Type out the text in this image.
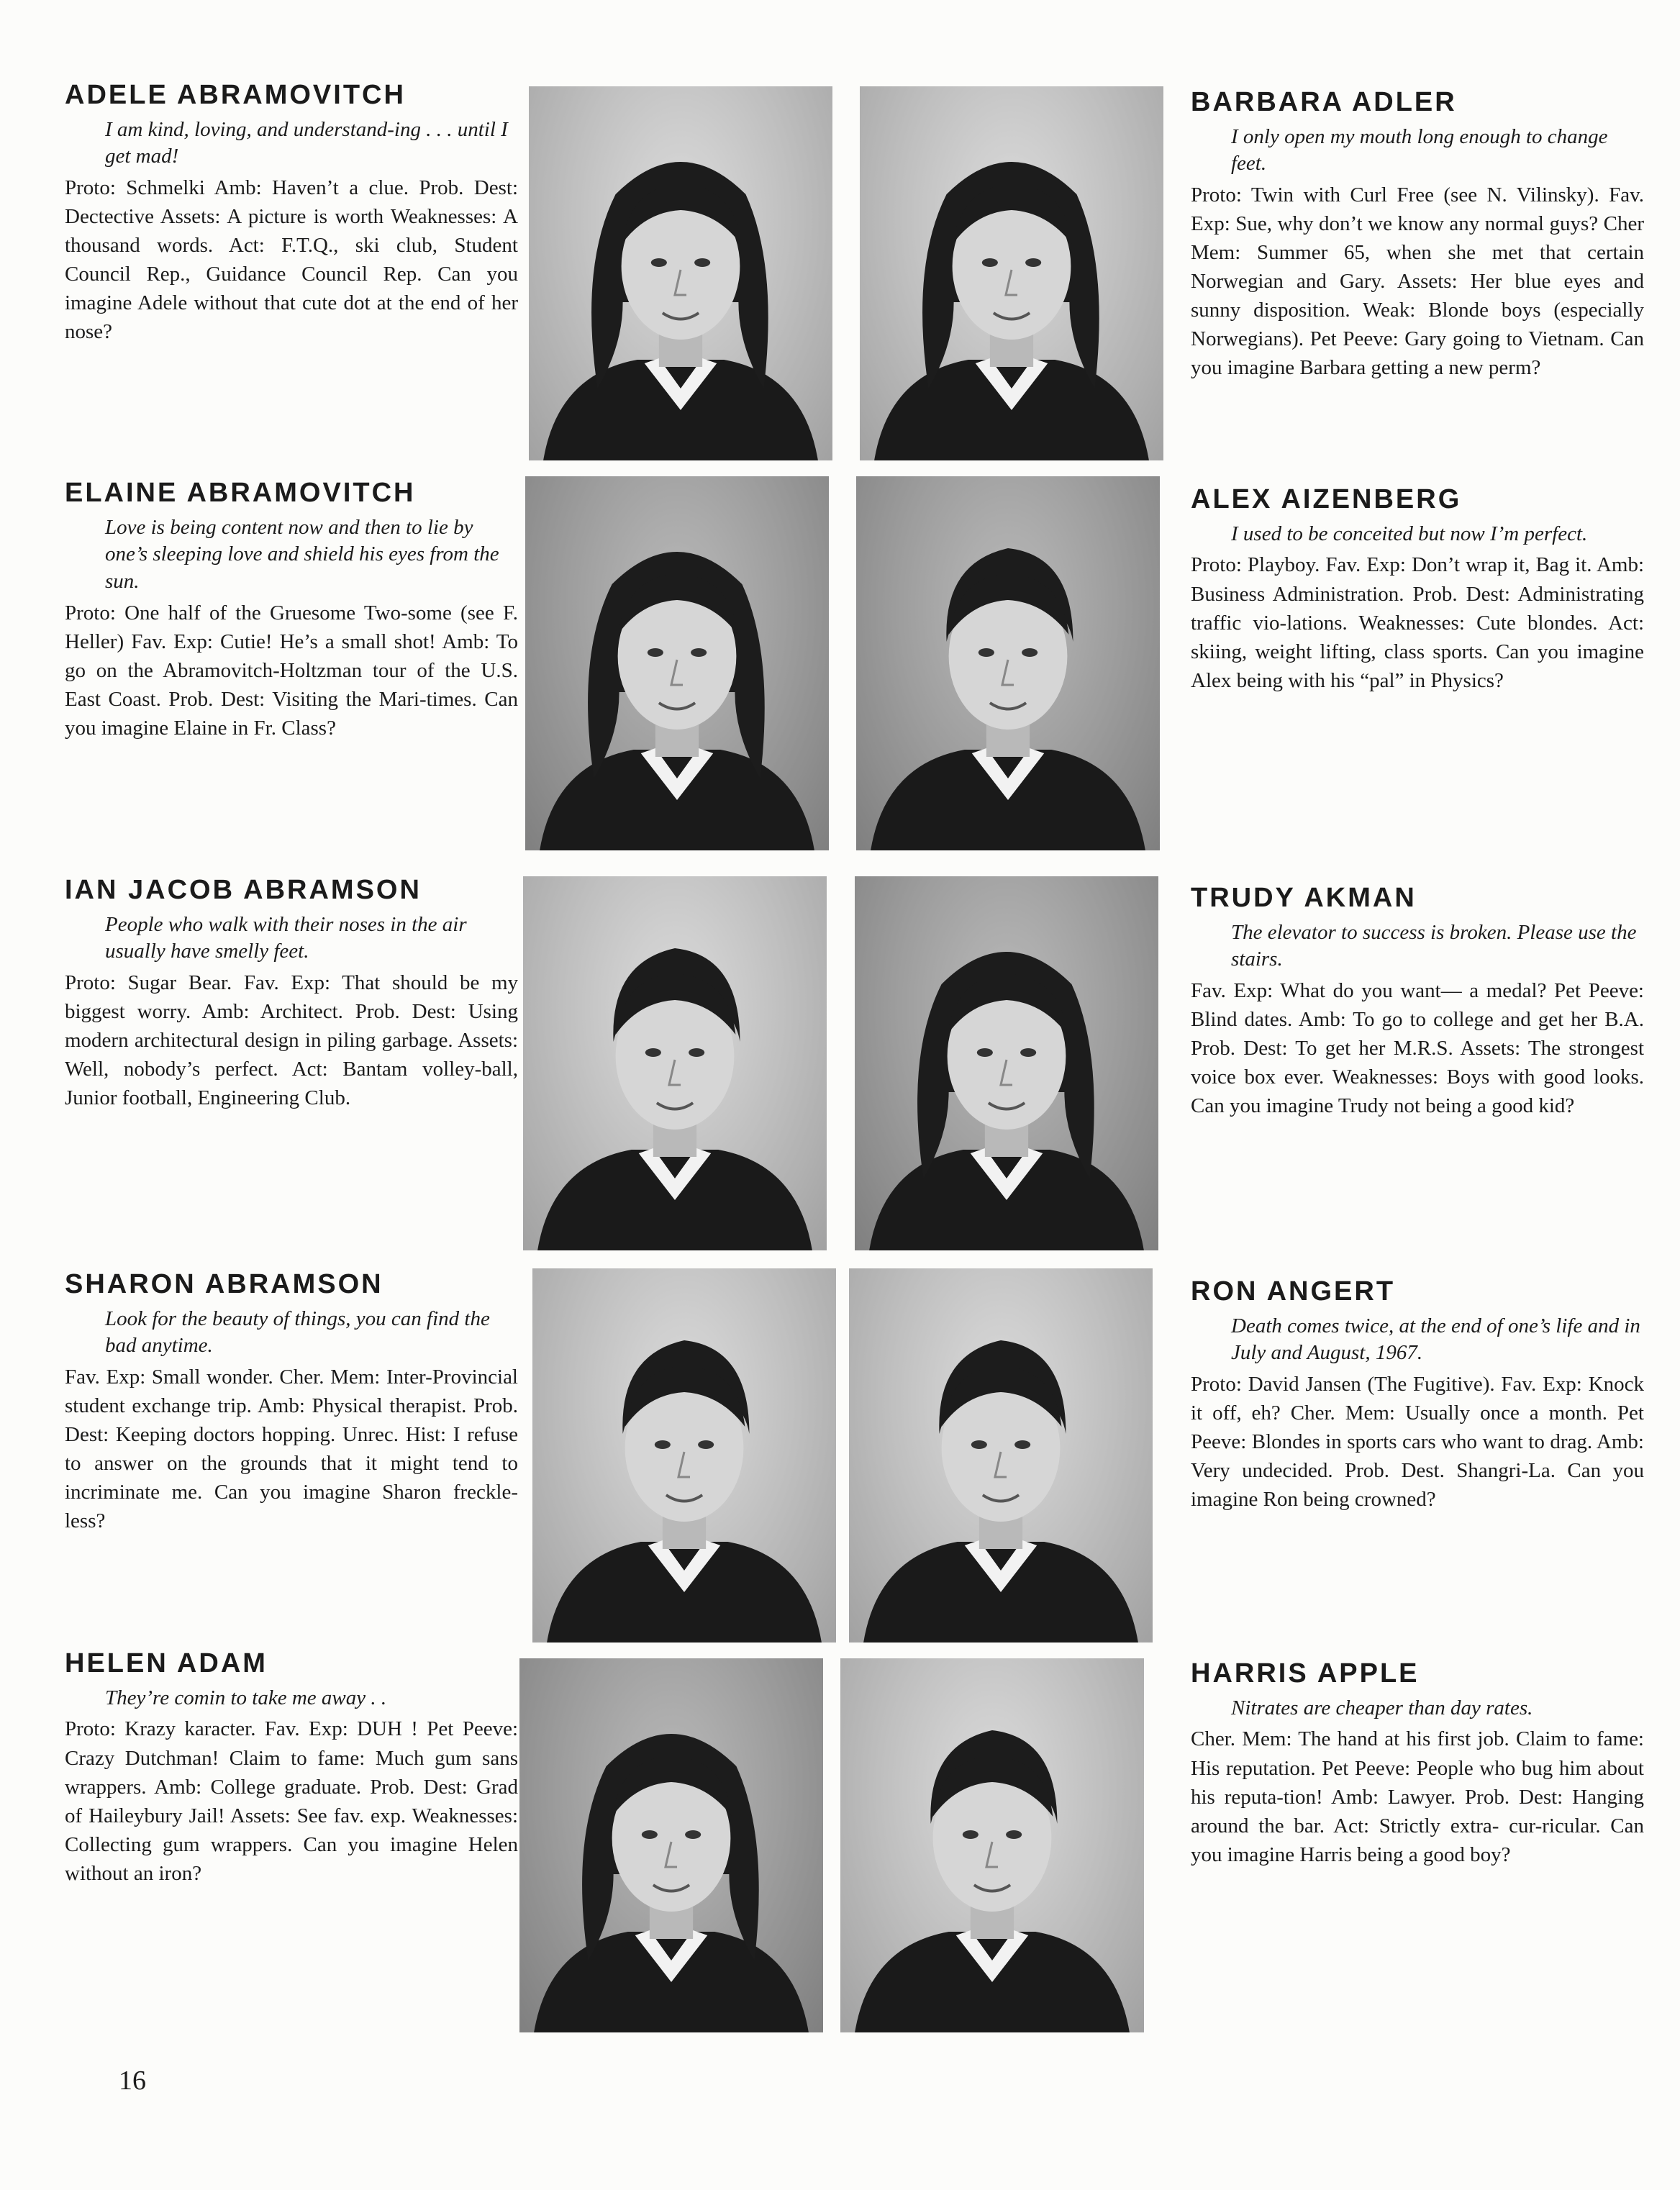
ADELE ABRAMOVITCH
I am kind, loving, and understand-ing . . . until I get mad!
Proto: Schmelki Amb: Haven’t a clue. Prob. Dest: Dectective Assets: A picture is worth Weaknesses: A thousand words. Act: F.T.Q., ski club, Student Council Rep., Guidance Council Rep. Can you imagine Adele without that cute dot at the end of her nose?
BARBARA ADLER
I only open my mouth long enough to change feet.
Proto: Twin with Curl Free (see N. Vilinsky). Fav. Exp: Sue, why don’t we know any normal guys? Cher Mem: Summer 65, when she met that certain Norwegian and Gary. Assets: Her blue eyes and sunny disposition. Weak: Blonde boys (especially Norwegians). Pet Peeve: Gary going to Vietnam. Can you imagine Barbara getting a new perm?
ELAINE ABRAMOVITCH
Love is being content now and then to lie by one’s sleeping love and shield his eyes from the sun.
Proto: One half of the Gruesome Two-some (see F. Heller) Fav. Exp: Cutie! He’s a small shot! Amb: To go on the Abramovitch-Holtzman tour of the U.S. East Coast. Prob. Dest: Visiting the Mari-times. Can you imagine Elaine in Fr. Class?
ALEX AIZENBERG
I used to be conceited but now I’m perfect.
Proto: Playboy. Fav. Exp: Don’t wrap it, Bag it. Amb: Business Administration. Prob. Dest: Administrating traffic vio-lations. Weaknesses: Cute blondes. Act: skiing, weight lifting, class sports. Can you imagine Alex being with his “pal” in Physics?
IAN JACOB ABRAMSON
People who walk with their noses in the air usually have smelly feet.
Proto: Sugar Bear. Fav. Exp: That should be my biggest worry. Amb: Architect. Prob. Dest: Using modern architectural design in piling garbage. Assets: Well, nobody’s perfect. Act: Bantam volley-ball, Junior football, Engineering Club.
TRUDY AKMAN
The elevator to success is broken. Please use the stairs.
Fav. Exp: What do you want— a medal? Pet Peeve: Blind dates. Amb: To go to college and get her B.A. Prob. Dest: To get her M.R.S. Assets: The strongest voice box ever. Weaknesses: Boys with good looks. Can you imagine Trudy not being a good kid?
SHARON ABRAMSON
Look for the beauty of things, you can find the bad anytime.
Fav. Exp: Small wonder. Cher. Mem: Inter-Provincial student exchange trip. Amb: Physical therapist. Prob. Dest: Keeping doctors hopping. Unrec. Hist: I refuse to answer on the grounds that it might tend to incriminate me. Can you imagine Sharon freckle-less?
RON ANGERT
Death comes twice, at the end of one’s life and in July and August, 1967.
Proto: David Jansen (The Fugitive). Fav. Exp: Knock it off, eh? Cher. Mem: Usually once a month. Pet Peeve: Blondes in sports cars who want to drag. Amb: Very undecided. Prob. Dest. Shangri-La. Can you imagine Ron being crowned?
HELEN ADAM
They’re comin to take me away . .
Proto: Krazy karacter. Fav. Exp: DUH ! Pet Peeve: Crazy Dutchman! Claim to fame: Much gum sans wrappers. Amb: College graduate. Prob. Dest: Grad of Haileybury Jail! Assets: See fav. exp. Weaknesses: Collecting gum wrappers. Can you imagine Helen without an iron?
HARRIS APPLE
Nitrates are cheaper than day rates.
Cher. Mem: The hand at his first job. Claim to fame: His reputation. Pet Peeve: People who bug him about his reputa-tion! Amb: Lawyer. Prob. Dest: Hanging around the bar. Act: Strictly extra- cur-ricular. Can you imagine Harris being a good boy?
16
